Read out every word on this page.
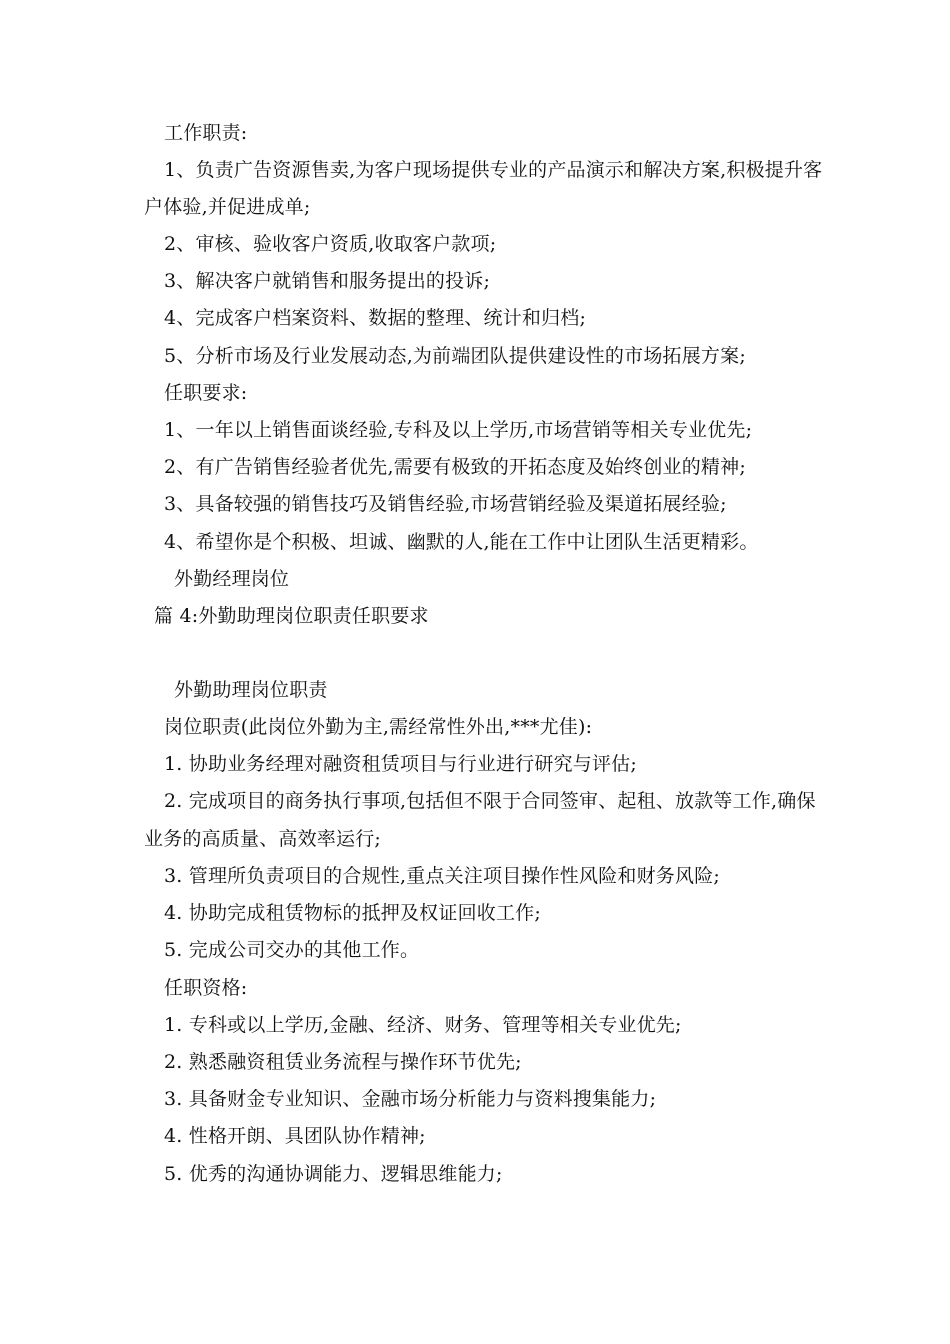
工作职责:
1、负责广告资源售卖,为客户现场提供专业的产品演示和解决方案,积极提升客
户体验,并促进成单;
2、审核、验收客户资质,收取客户款项;
3、解决客户就销售和服务提出的投诉;
4、完成客户档案资料、数据的整理、统计和归档;
5、分析市场及行业发展动态,为前端团队提供建设性的市场拓展方案;
任职要求:
1、一年以上销售面谈经验,专科及以上学历,市场营销等相关专业优先;
2、有广告销售经验者优先,需要有极致的开拓态度及始终创业的精神;
3、具备较强的销售技巧及销售经验,市场营销经验及渠道拓展经验;
4、希望你是个积极、坦诚、幽默的人,能在工作中让团队生活更精彩。
外勤经理岗位
篇 4:外勤助理岗位职责任职要求
外勤助理岗位职责
岗位职责(此岗位外勤为主,需经常性外出,***尤佳):
1. 协助业务经理对融资租赁项目与行业进行研究与评估;
2. 完成项目的商务执行事项,包括但不限于合同签审、起租、放款等工作,确保
业务的高质量、高效率运行;
3. 管理所负责项目的合规性,重点关注项目操作性风险和财务风险;
4. 协助完成租赁物标的抵押及权证回收工作;
5. 完成公司交办的其他工作。
任职资格:
1. 专科或以上学历,金融、经济、财务、管理等相关专业优先;
2. 熟悉融资租赁业务流程与操作环节优先;
3. 具备财金专业知识、金融市场分析能力与资料搜集能力;
4. 性格开朗、具团队协作精神;
5. 优秀的沟通协调能力、逻辑思维能力;
